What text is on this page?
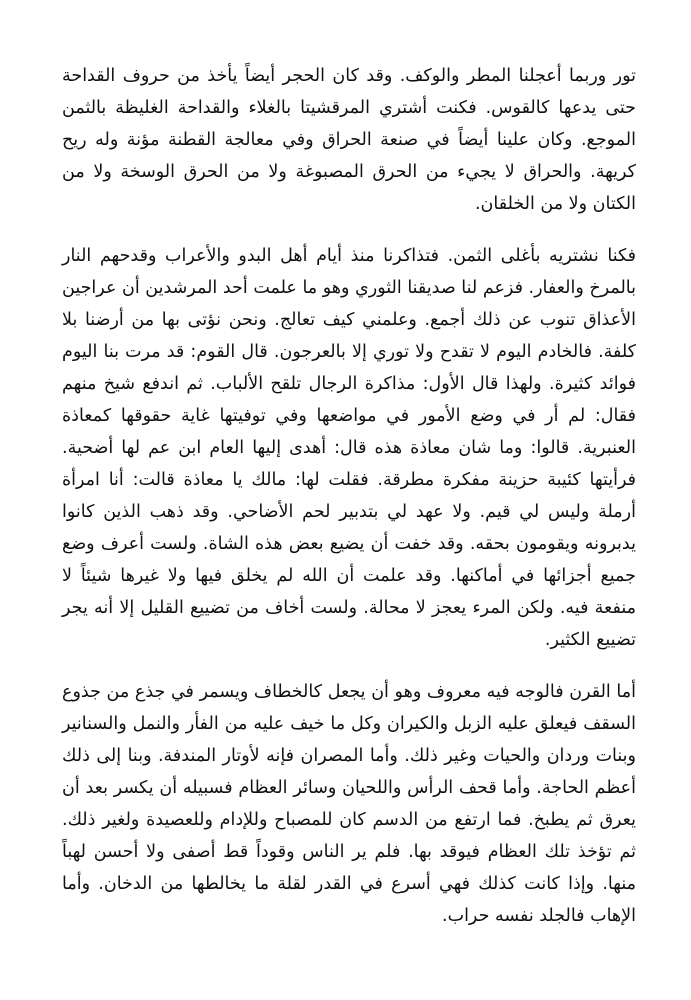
تور وربما أعجلنا المطر والوكف. وقد كان الحجر أيضاً يأخذ من حروف القداحة حتى يدعها كالقوس. فكنت أشتري المرقشيتا بالغلاء والقداحة الغليظة بالثمن الموجع. وكان علينا أيضاً في صنعة الحراق وفي معالجة القطنة مؤنة وله ريح كريهة. والحراق لا يجيء من الحرق المصبوغة ولا من الحرق الوسخة ولا من الكتان ولا من الخلقان.

فكنا نشتريه بأغلى الثمن. فتذاكرنا منذ أيام أهل البدو والأعراب وقدحهم النار بالمرخ والعفار. فزعم لنا صديقنا الثوري وهو ما علمت أحد المرشدين أن عراجين الأعذاق تنوب عن ذلك أجمع. وعلمني كيف تعالج. ونحن نؤتى بها من أرضنا بلا كلفة. فالخادم اليوم لا تقدح ولا توري إلا بالعرجون. قال القوم: قد مرت بنا اليوم فوائد كثيرة. ولهذا قال الأول: مذاكرة الرجال تلقح الألباب. ثم اندفع شيخ منهم فقال: لم أر في وضع الأمور في مواضعها وفي توفيتها غاية حقوقها كمعاذة العنبرية. قالوا: وما شان معاذة هذه قال: أهدى إليها العام ابن عم لها أضحية. فرأيتها كئيبة حزينة مفكرة مطرقة. فقلت لها: مالك يا معاذة قالت: أنا امرأة أرملة وليس لي قيم. ولا عهد لي بتدبير لحم الأضاحي. وقد ذهب الذين كانوا يدبرونه ويقومون بحقه. وقد خفت أن يضيع بعض هذه الشاة. ولست أعرف وضع جميع أجزائها في أماكنها. وقد علمت أن الله لم يخلق فيها ولا غيرها شيئاً لا منفعة فيه. ولكن المرء يعجز لا محالة. ولست أخاف من تضييع القليل إلا أنه يجر تضييع الكثير.

أما القرن فالوجه فيه معروف وهو أن يجعل كالخطاف ويسمر في جذع من جذوع السقف فيعلق عليه الزبل والكيران وكل ما خيف عليه من الفأر والنمل والسنانير وبنات وردان والحيات وغير ذلك. وأما المصران فإنه لأوتار المندفة. وبنا إلى ذلك أعظم الحاجة. وأما قحف الرأس واللحيان وسائر العظام فسبيله أن يكسر بعد أن يعرق ثم يطبخ. فما ارتفع من الدسم كان للمصباح وللإدام وللعصيدة ولغير ذلك. ثم تؤخذ تلك العظام فيوقد بها. فلم ير الناس وقوداً قط أصفى ولا أحسن لهباً منها. وإذا كانت كذلك فهي أسرع في القدر لقلة ما يخالطها من الدخان. وأما الإهاب فالجلد نفسه حراب.
